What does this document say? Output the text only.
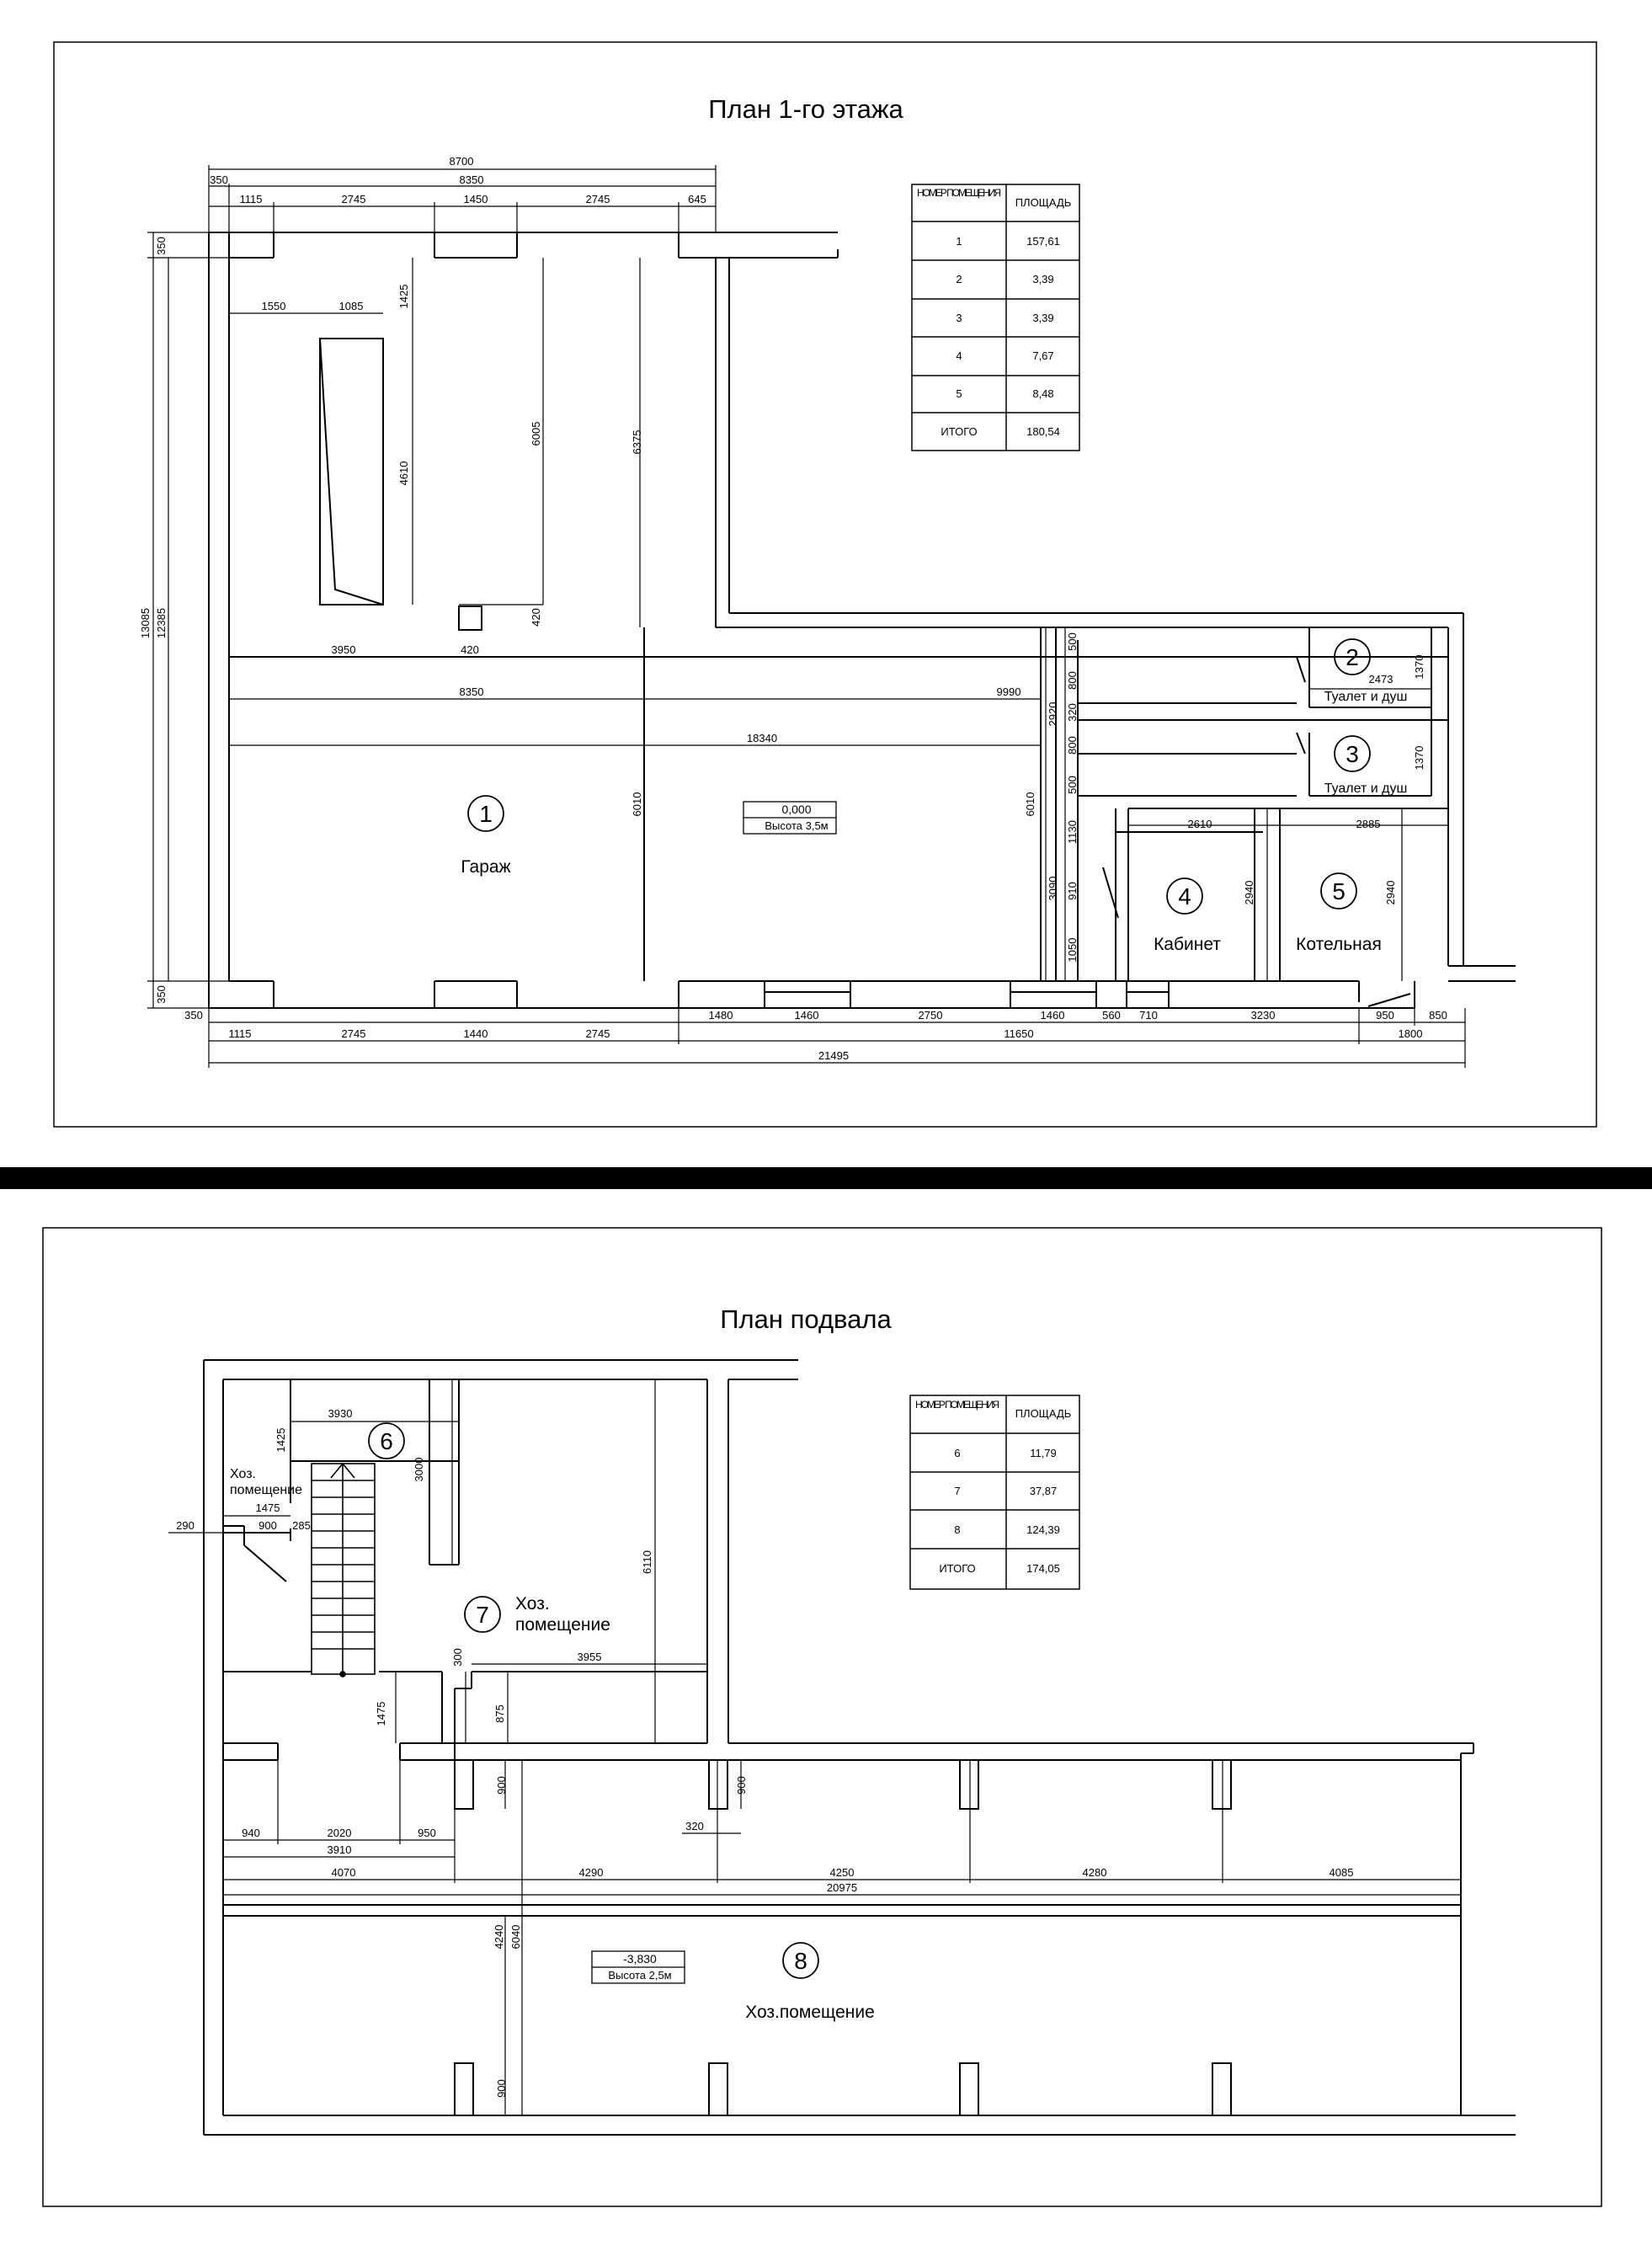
План 1-го этажа
НОМЕР ПОМЕЩЕНИЯ
ПЛОЩАДЬ
1	157,61
2	3,39
3	3,39
4	7,67
5	8,48
ИТОГО	180,54
8700
8350
350
1115	2745	1450	2745	645
1550	1085
3950	420
8350	9990
18340
2473
2610	2885
350	1480	1460	2750	1460	560 710	3230	950	850
1115	2745	1440	2745	11650	1800
21495
13085 12385
350
350
1425
4610
6005
420
6375
6010	6010
2920
3090
500
800
320
800
500
1130
910
1050
1370
1370
2940	2940
1
2
3
4	5
Гараж
Туалет и душ
Туалет и душ
Кабинет	Котельная
0,000
Высота 3,5м
План подвала
НОМЕР ПОМЕЩЕНИЯ
ПЛОЩАДЬ
6	11,79
7	37,87
8	124,39
ИТОГО	174,05
3930
1475
290	900 285
3955
320
940	2020	950
3910
4070	4290	4250	4280	4085
20975
1425
3000
6110
300
875
1475
900	900
4240 6040
900
6
7
8
Хоз.
помещение
Хоз.
помещение
Хоз.помещение
-3,830
Высота 2,5м
